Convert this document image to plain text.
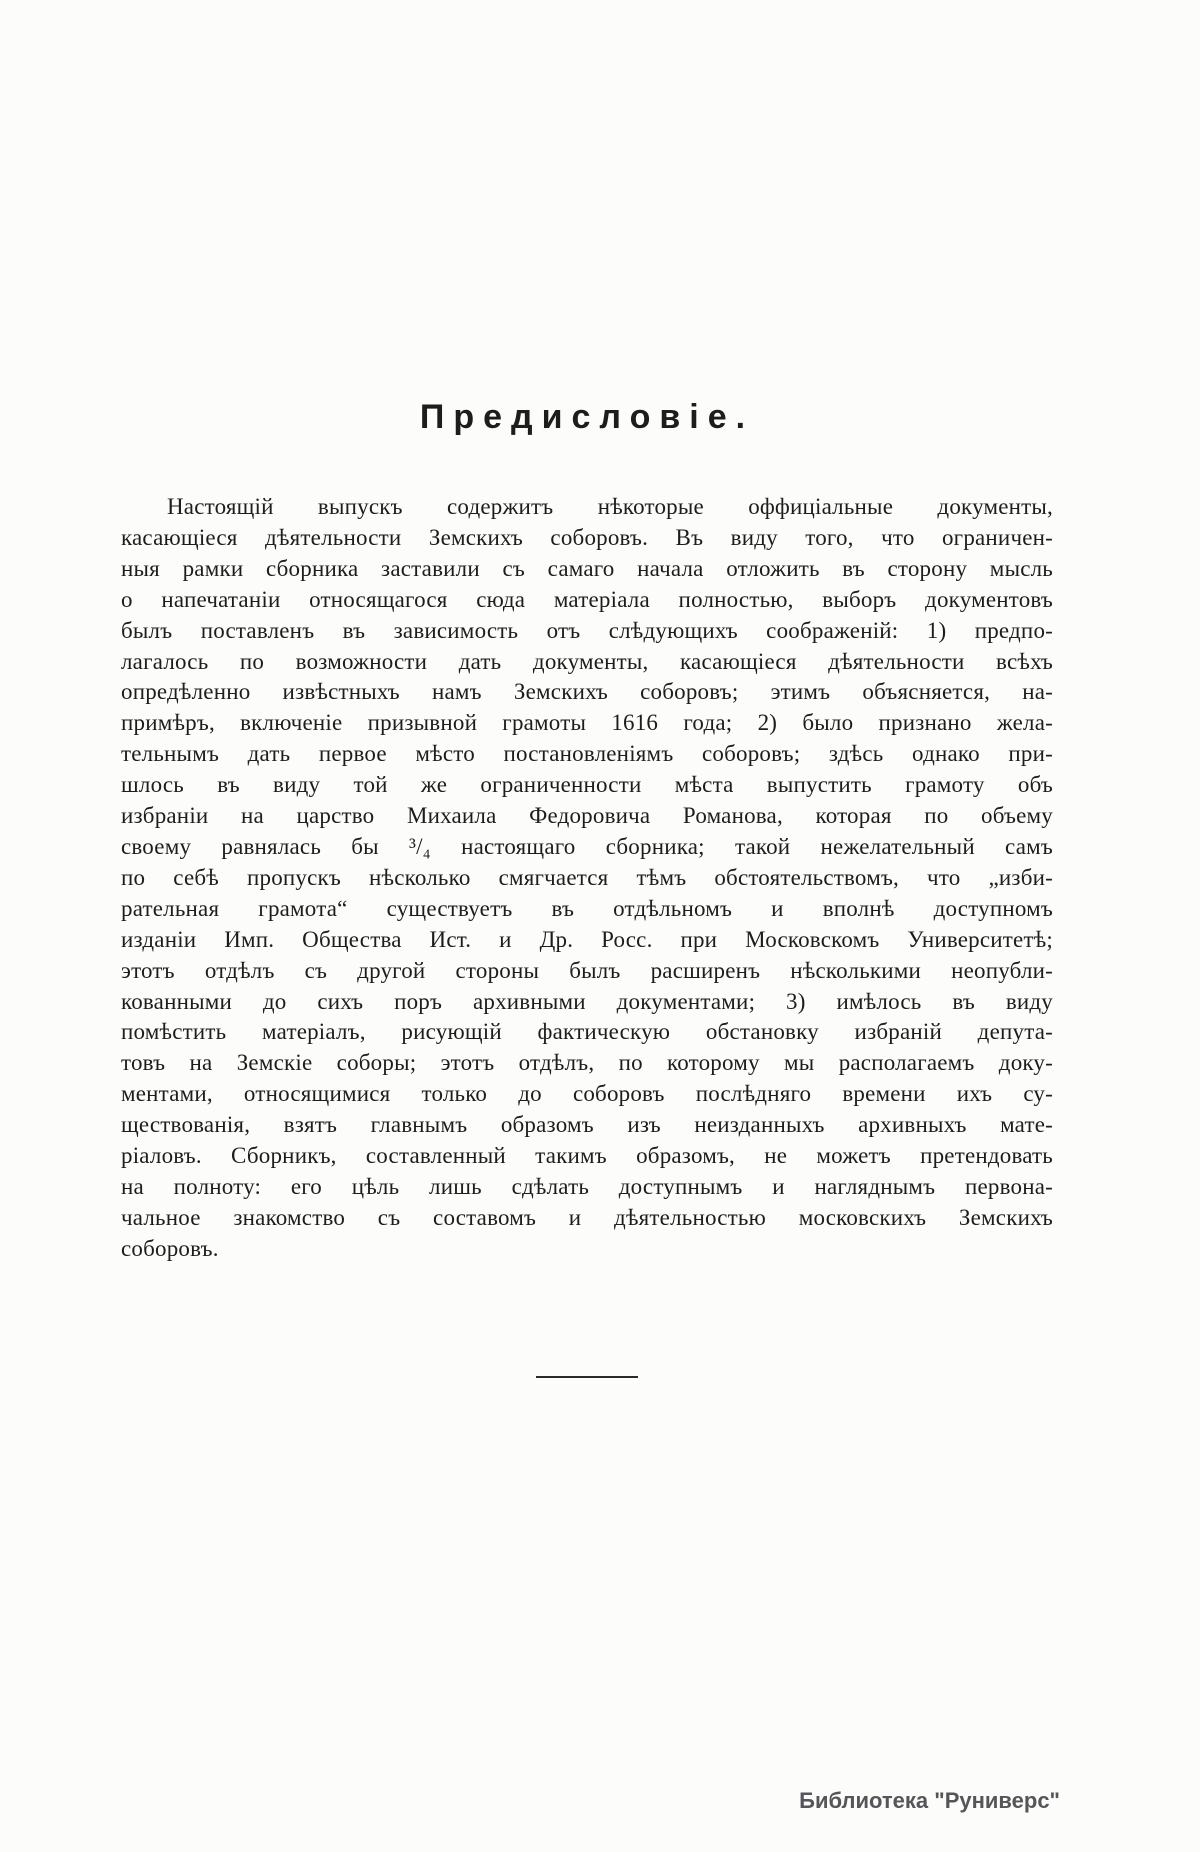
Предисловіе.
Настоящій выпускъ содержитъ нѣкоторые оффиціальные документы,
касающіеся дѣятельности Земскихъ соборовъ. Въ виду того, что ограничен-
ныя рамки сборника заставили съ самаго начала отложить въ сторону мысль
о напечатаніи относящагося сюда матеріала полностью, выборъ документовъ
былъ поставленъ въ зависимость отъ слѣдующихъ соображеній: 1) предпо-
лагалось по возможности дать документы, касающіеся дѣятельности всѣхъ
опредѣленно извѣстныхъ намъ Земскихъ соборовъ; этимъ объясняется, на-
примѣръ, включеніе призывной грамоты 1616 года; 2) было признано жела-
тельнымъ дать первое мѣсто постановленіямъ соборовъ; здѣсь однако при-
шлось въ виду той же ограниченности мѣста выпустить грамоту объ
избраніи на царство Михаила Федоровича Романова, которая по объему
своему равнялась бы ³/₄ настоящаго сборника; такой нежелательный самъ
по себѣ пропускъ нѣсколько смягчается тѣмъ обстоятельствомъ, что „изби-
рательная грамота“ существуетъ въ отдѣльномъ и вполнѣ доступномъ
изданіи Имп. Общества Ист. и Др. Росс. при Московскомъ Университетѣ;
этотъ отдѣлъ съ другой стороны былъ расширенъ нѣсколькими неопубли-
кованными до сихъ поръ архивными документами; 3) имѣлось въ виду
помѣстить матеріалъ, рисующій фактическую обстановку избраній депута-
товъ на Земскіе соборы; этотъ отдѣлъ, по которому мы располагаемъ доку-
ментами, относящимися только до соборовъ послѣдняго времени ихъ су-
ществованія, взятъ главнымъ образомъ изъ неизданныхъ архивныхъ мате-
ріаловъ. Сборникъ, составленный такимъ образомъ, не можетъ претендовать
на полноту: его цѣль лишь сдѣлать доступнымъ и нагляднымъ первона-
чальное знакомство съ составомъ и дѣятельностью московскихъ Земскихъ
соборовъ.
Библиотека "Руниверс"
